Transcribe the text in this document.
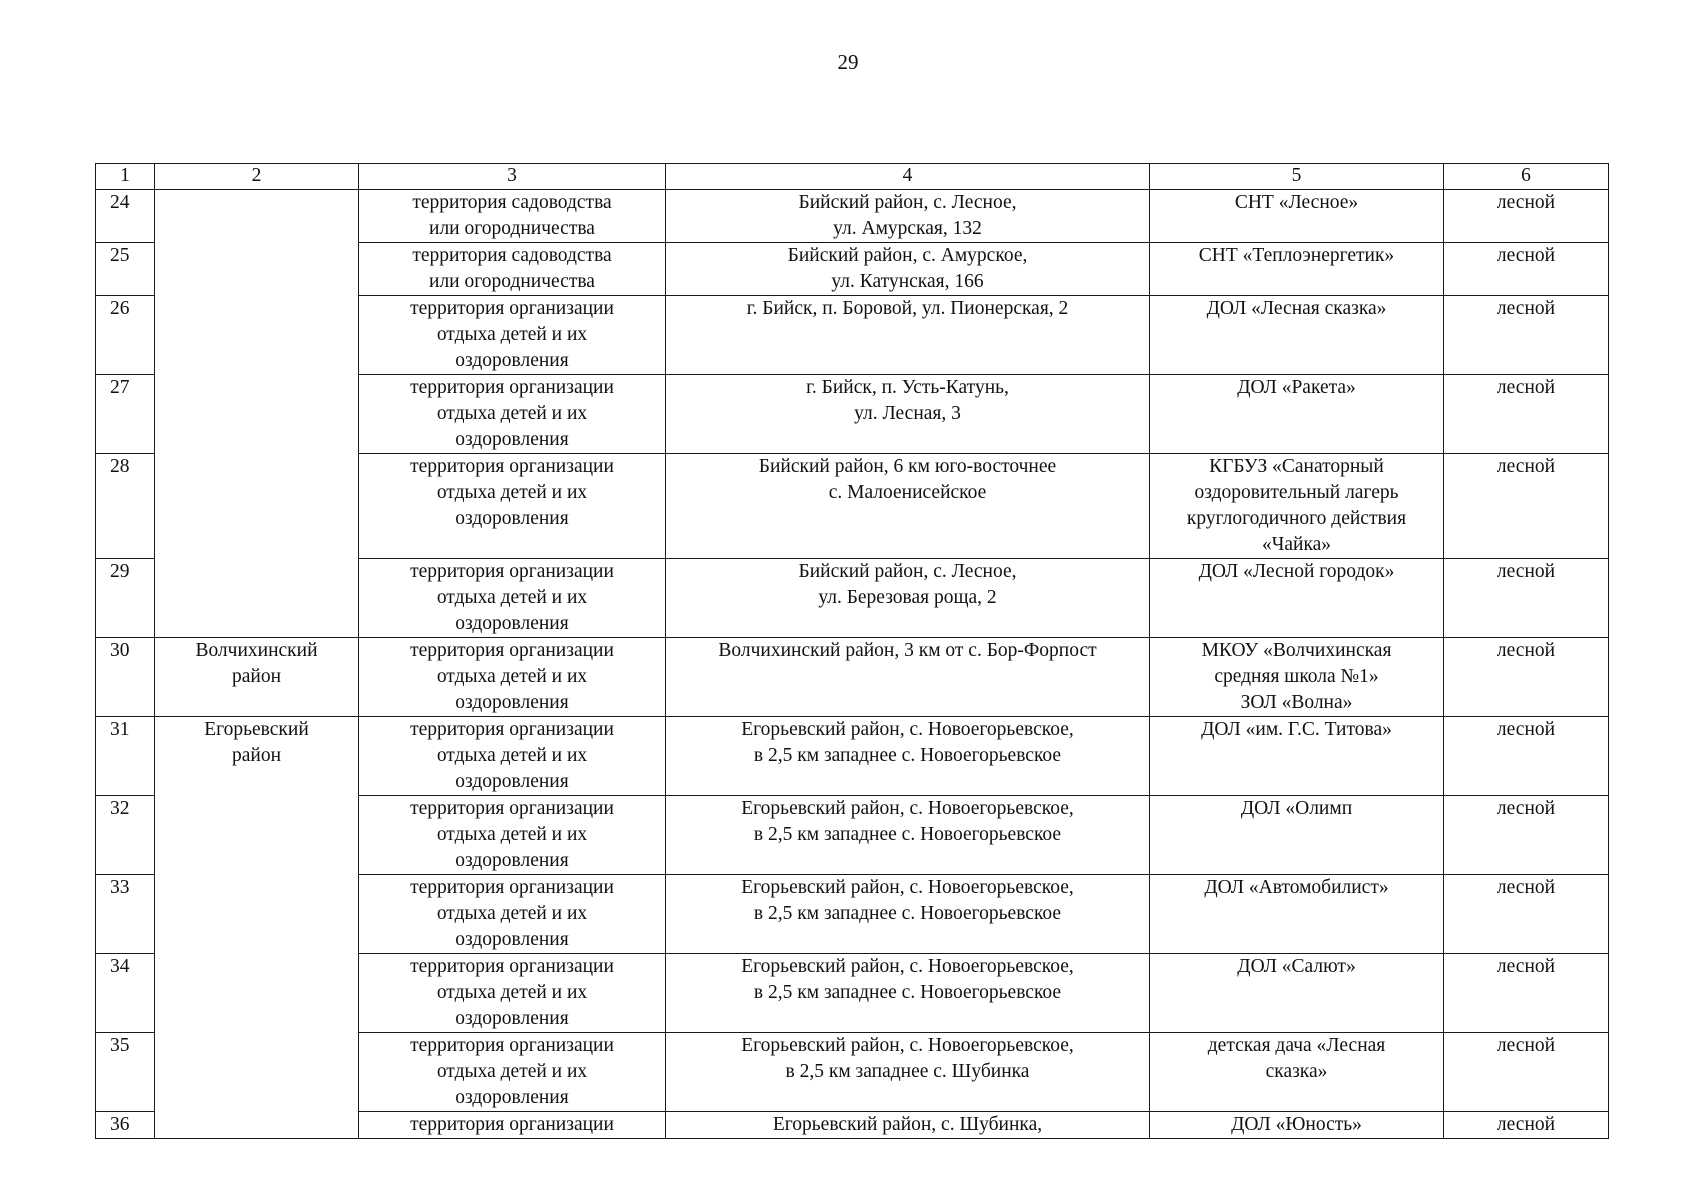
29
1	2	3	4	5	6
24		территория садоводства
или огородничества	Бийский район, с. Лесное,
ул. Амурская, 132	СНТ «Лесное»	лесной
25		территория садоводства
или огородничества	Бийский район, с. Амурское,
ул. Катунская, 166	СНТ «Теплоэнергетик»	лесной
26		территория организации
отдыха детей и их
оздоровления	г. Бийск, п. Боровой, ул. Пионерская, 2	ДОЛ «Лесная сказка»	лесной
27		территория организации
отдыха детей и их
оздоровления	г. Бийск, п. Усть-Катунь,
ул. Лесная, 3	ДОЛ «Ракета»	лесной
28		территория организации
отдыха детей и их
оздоровления	Бийский район, 6 км юго-восточнее
с. Малоенисейское	КГБУЗ «Санаторный
оздоровительный лагерь
круглогодичного действия
«Чайка»	лесной
29		территория организации
отдыха детей и их
оздоровления	Бийский район, с. Лесное,
ул. Березовая роща, 2	ДОЛ «Лесной городок»	лесной
30	Волчихинский
район	территория организации
отдыха детей и их
оздоровления	Волчихинский район, 3 км от с. Бор-Форпост	МКОУ «Волчихинская
средняя школа №1»
ЗОЛ «Волна»	лесной
31	Егорьевский
район	территория организации
отдыха детей и их
оздоровления	Егорьевский район, с. Новоегорьевское,
в 2,5 км западнее с. Новоегорьевское	ДОЛ «им. Г.С. Титова»	лесной
32		территория организации
отдыха детей и их
оздоровления	Егорьевский район, с. Новоегорьевское,
в 2,5 км западнее с. Новоегорьевское	ДОЛ «Олимп	лесной
33		территория организации
отдыха детей и их
оздоровления	Егорьевский район, с. Новоегорьевское,
в 2,5 км западнее с. Новоегорьевское	ДОЛ «Автомобилист»	лесной
34		территория организации
отдыха детей и их
оздоровления	Егорьевский район, с. Новоегорьевское,
в 2,5 км западнее с. Новоегорьевское	ДОЛ «Салют»	лесной
35		территория организации
отдыха детей и их
оздоровления	Егорьевский район, с. Новоегорьевское,
в 2,5 км западнее с. Шубинка	детская дача «Лесная
сказка»	лесной
36		территория организации	Егорьевский район, с. Шубинка,	ДОЛ «Юность»	лесной
